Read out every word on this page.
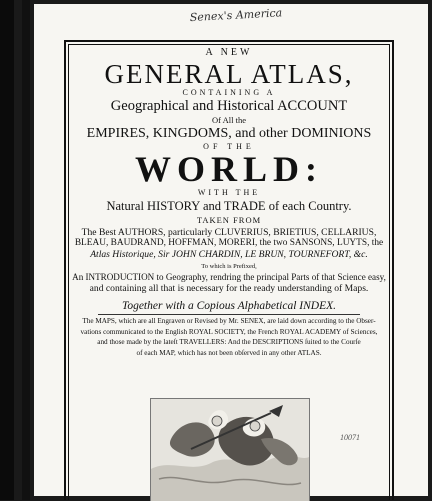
Senex's America
A NEW
GENERAL ATLAS,
CONTAINING A
Geographical and Historical ACCOUNT
Of All the
EMPIRES, KINGDOMS, and other DOMINIONS
OF THE
WORLD:
WITH THE
Natural HISTORY and TRADE of each Country.
TAKEN FROM
The Best AUTHORS, particularly CLUVERIUS, BRIETIUS, CELLARIUS,
BLEAU, BAUDRAND, HOFFMAN, MORERI, the two SANSONS, LUYTS, the
Atlas Historique, Sir JOHN CHARDIN, LE BRUN, TOURNEFORT, &c.
To which is Prefixed,
An INTRODUCTION to Geography, rendring the principal Parts of that Science easy,
and containing all that is necessary for the ready understanding of Maps.
Together with a Copious Alphabetical INDEX.
The MAPS, which are all Engraven or Revised by Mr. SENEX, are laid down according to the Obser-
vations communicated to the English ROYAL SOCIETY, the French ROYAL ACADEMY of Sciences,
and those made by the lateſt TRAVELLERS: And the DESCRIPTIONS ſuited to the Courſe
of each MAP, which has not been obſerved in any other ATLAS.
10071
